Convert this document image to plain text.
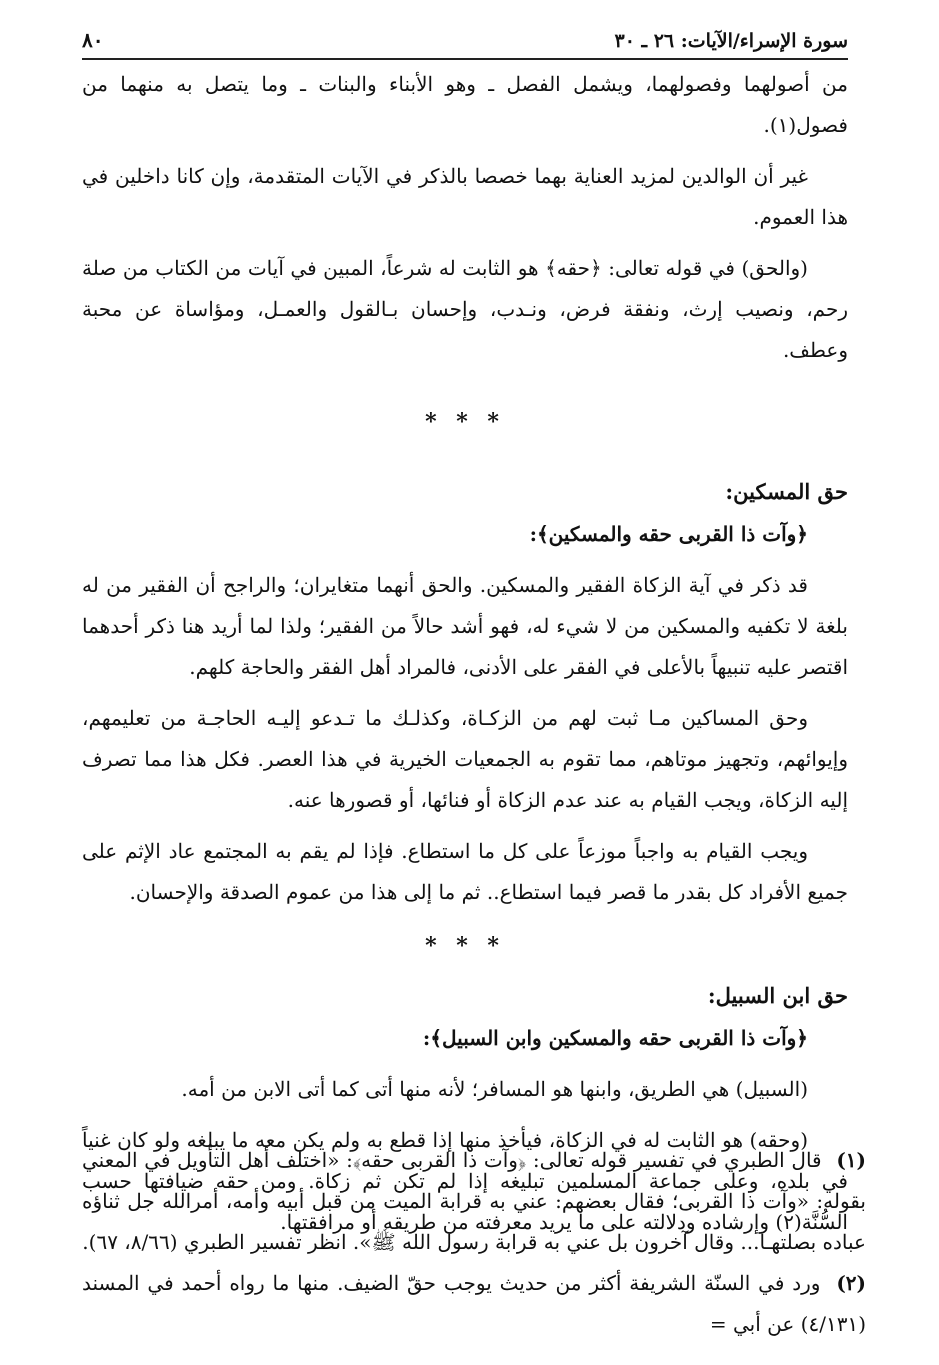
سورة الإسراء/الآيات: ٢٦ ـ ٣٠
٨٠

من أصولهما وفصولهما، ويشمل الفصل ـ وهو الأبناء والبنات ـ وما يتصل به منهما من فصول(١).

غير أن الوالدين لمزيد العناية بهما خصصا بالذكر في الآيات المتقدمة، وإن كانا داخلين في هذا العموم.

(والحق) في قوله تعالى: ﴿حقه﴾ هو الثابت له شرعاً، المبين في آيات من الكتاب من صلة رحم، ونصيب إرث، ونفقة فرض، ونـدب، وإحسان بـالقول والعمـل، ومؤاساة عن محبة وعطف.

* * *

حق المسكين:

﴿وآت ذا القربى حقه والمسكين﴾:

قد ذكر في آية الزكاة الفقير والمسكين. والحق أنهما متغايران؛ والراجح أن الفقير من له بلغة لا تكفيه والمسكين من لا شيء له، فهو أشد حالاً من الفقير؛ ولذا لما أريد هنا ذكر أحدهما اقتصر عليه تنبيهاً بالأعلى في الفقر على الأدنى، فالمراد أهل الفقر والحاجة كلهم.

وحق المساكين مـا ثبت لهم من الزكـاة، وكذلـك ما تـدعو إليـه الحاجـة من تعليمهم، وإيوائهم، وتجهيز موتاهم، مما تقوم به الجمعيات الخيرية في هذا العصر. فكل هذا مما تصرف إليه الزكاة، ويجب القيام به عند عدم الزكاة أو فنائها، أو قصورها عنه.

ويجب القيام به واجباً موزعاً على كل ما استطاع. فإذا لم يقم به المجتمع عاد الإثم على جميع الأفراد كل بقدر ما قصر فيما استطاع.. ثم ما إلى هذا من عموم الصدقة والإحسان.

* * *

حق ابن السبيل:

﴿وآت ذا القربى حقه والمسكين وابن السبيل﴾:

(السبيل) هي الطريق، وابنها هو المسافر؛ لأنه منها أتى كما أتى الابن من أمه.

(وحقه) هو الثابت له في الزكاة، فيأخذ منها إذا قطع به ولم يكن معه ما يبلغه ولو كان غنياً في بلده، وعلى جماعة المسلمين تبليغه إذا لم تكن ثم زكاة. ومن حقه ضيافتها حسب السُّنَّة(٢) وإرشاده ودلالته على ما يريد معرفته من طريقه أو مرافقتها.

(١) قال الطبري في تفسير قوله تعالى: ﴿وآت ذا القربى حقه﴾: «اختلف أهل التأويل في المعني بقوله: «وآت ذا القربى؛ فقال بعضهم: عني به قرابة الميت من قبل أبيه وأمه، أمرالله جل ثناؤه عباده بصلتهـا... وقال آخرون بل عني به قرابة رسول الله ﷺ». انظر تفسير الطبري (٨/٦٦، ٦٧).

(٢) ورد في السنّة الشريفة أكثر من حديث يوجب حقّ الضيف. منها ما رواه أحمد في المسند (٤/١٣١) عن أبي =
